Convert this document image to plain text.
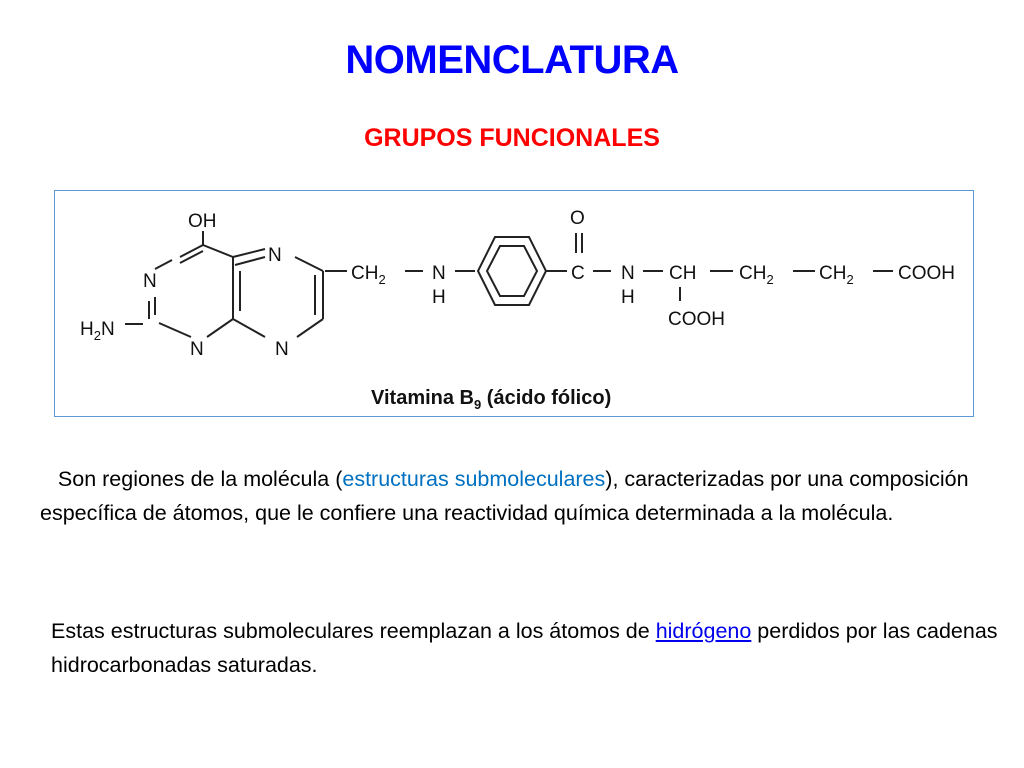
NOMENCLATURA
GRUPOS FUNCIONALES
OH
N
N
N	N
$H_2N$
$CH_2$ N
H
O
C N
H
CH $CH_2$ $CH_2$ COOH
COOH
Vitamina $B_9$ (ácido fólico)
Son regiones de la molécula (estructuras submoleculares), caracterizadas por una composición específica de átomos, que le confiere una reactividad química determinada a la molécula.
Estas estructuras submoleculares reemplazan a los átomos de hidrógeno perdidos por las cadenas hidrocarbonadas saturadas.
